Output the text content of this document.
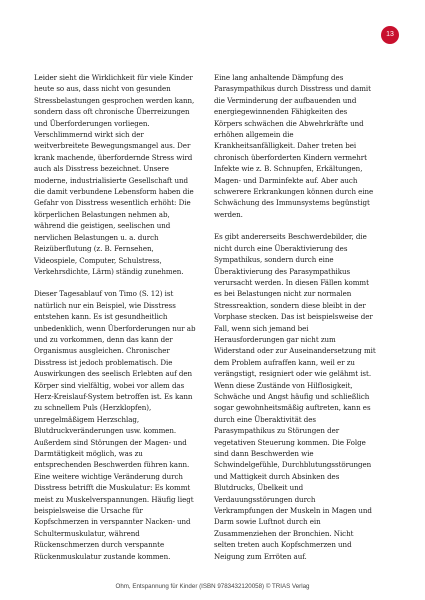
13

Leider sieht die Wirklichkeit für viele Kinder heute so aus, dass nicht von gesunden Stressbelastungen gesprochen werden kann, sondern dass oft chronische Überreizungen und Überforderungen vorliegen. Verschlimmernd wirkt sich der weitverbreitete Bewegungsmangel aus. Der krank machende, überfordernde Stress wird auch als Disstress bezeichnet. Unsere moderne, industrialisierte Gesellschaft und die damit verbundene Lebensform haben die Gefahr von Disstress wesentlich erhöht: Die körperlichen Belastungen nehmen ab, während die geistigen, seelischen und nervlichen Belastungen u. a. durch Reizüberflutung (z. B. Fernsehen, Videospiele, Computer, Schulstress, Verkehrsdichte, Lärm) ständig zunehmen.

Dieser Tagesablauf von Timo (S. 12) ist natürlich nur ein Beispiel, wie Disstress entstehen kann. Es ist gesundheitlich unbedenklich, wenn Überforderungen nur ab und zu vorkommen, denn das kann der Organismus ausgleichen. Chronischer Disstress ist jedoch problematisch. Die Auswirkungen des seelisch Erlebten auf den Körper sind vielfältig, wobei vor allem das Herz-Kreislauf-System betroffen ist. Es kann zu schnellem Puls (Herzklopfen), unregelmäßigem Herzschlag, Blutdruckveränderungen usw. kommen. Außerdem sind Störungen der Magen- und Darmtätigkeit möglich, was zu entsprechenden Beschwerden führen kann. Eine weitere wichtige Veränderung durch Disstress betrifft die Muskulatur: Es kommt meist zu Muskelverspannungen. Häufig liegt beispielsweise die Ursache für Kopfschmerzen in verspannter Nacken- und Schultermuskulatur, während Rückenschmerzen durch verspannte Rückenmuskulatur zustande kommen.

Eine lang anhaltende Dämpfung des Parasympathikus durch Disstress und damit die Verminderung der aufbauenden und energiegewinnenden Fähigkeiten des Körpers schwächen die Abwehrkräfte und erhöhen allgemein die Krankheitsanfälligkeit. Daher treten bei chronisch überforderten Kindern vermehrt Infekte wie z. B. Schnupfen, Erkältungen, Magen- und Darminfekte auf. Aber auch schwerere Erkrankungen können durch eine Schwächung des Immunsystems begünstigt werden.

Es gibt andererseits Beschwerdebilder, die nicht durch eine Überaktivierung des Sympathikus, sondern durch eine Überaktivierung des Parasympathikus verursacht werden. In diesen Fällen kommt es bei Belastungen nicht zur normalen Stressreaktion, sondern diese bleibt in der Vorphase stecken. Das ist beispielsweise der Fall, wenn sich jemand bei Herausforderungen gar nicht zum Widerstand oder zur Auseinandersetzung mit dem Problem aufraffen kann, weil er zu verängstigt, resigniert oder wie gelähmt ist. Wenn diese Zustände von Hilflosigkeit, Schwäche und Angst häufig und schließlich sogar gewohnheitsmäßig auftreten, kann es durch eine Überaktivität des Parasympathikus zu Störungen der vegetativen Steuerung kommen. Die Folge sind dann Beschwerden wie Schwindelgefühle, Durchblutungsstörungen und Mattigkeit durch Absinken des Blutdrucks, Übelkeit und Verdauungsstörungen durch Verkrampfungen der Muskeln in Magen und Darm sowie Luftnot durch ein Zusammenziehen der Bronchien. Nicht selten treten auch Kopfschmerzen und Neigung zum Erröten auf.

Ohm, Entspannung für Kinder (ISBN 9783432120058) © TRIAS Verlag
